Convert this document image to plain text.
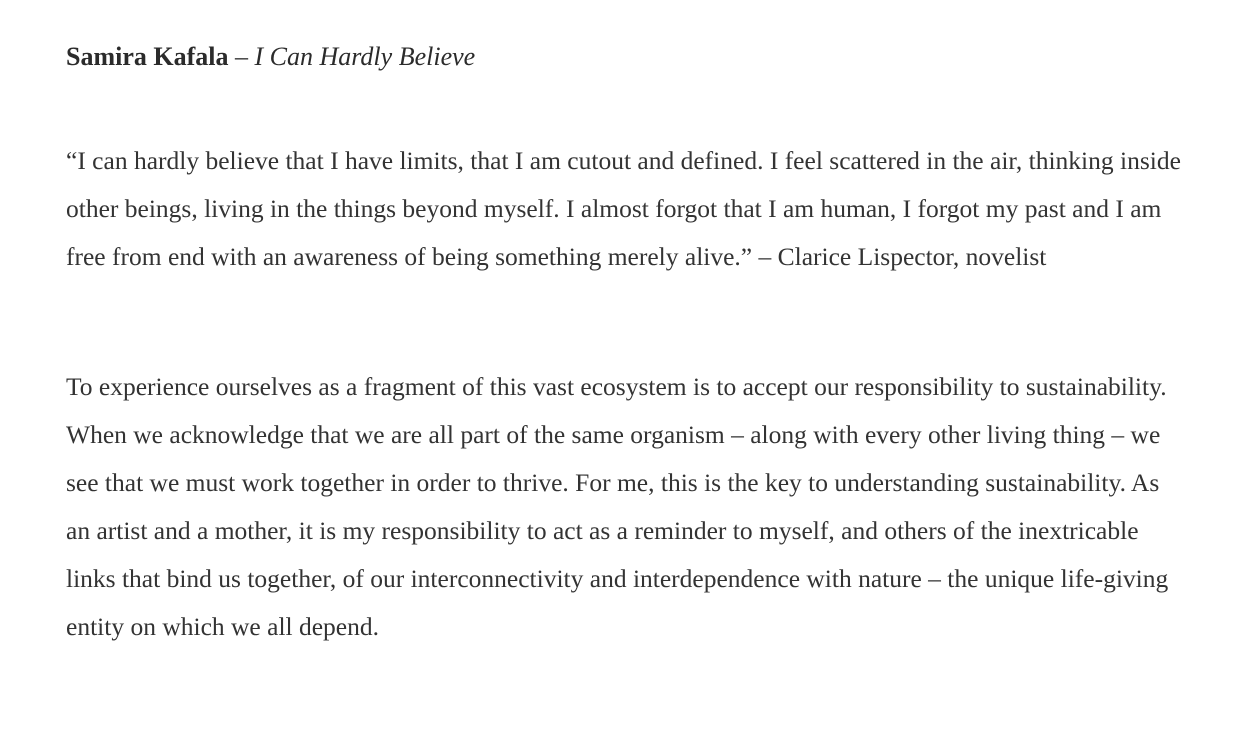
Samira Kafala – I Can Hardly Believe

“I can hardly believe that I have limits, that I am cutout and defined. I feel scattered in the air, thinking inside other beings, living in the things beyond myself. I almost forgot that I am human, I forgot my past and I am free from end with an awareness of being something merely alive.” – Clarice Lispector, novelist

To experience ourselves as a fragment of this vast ecosystem is to accept our responsibility to sustainability. When we acknowledge that we are all part of the same organism – along with every other living thing – we see that we must work together in order to thrive. For me, this is the key to understanding sustainability. As an artist and a mother, it is my responsibility to act as a reminder to myself, and others of the inextricable links that bind us together, of our interconnectivity and interdependence with nature – the unique life-giving entity on which we all depend.
